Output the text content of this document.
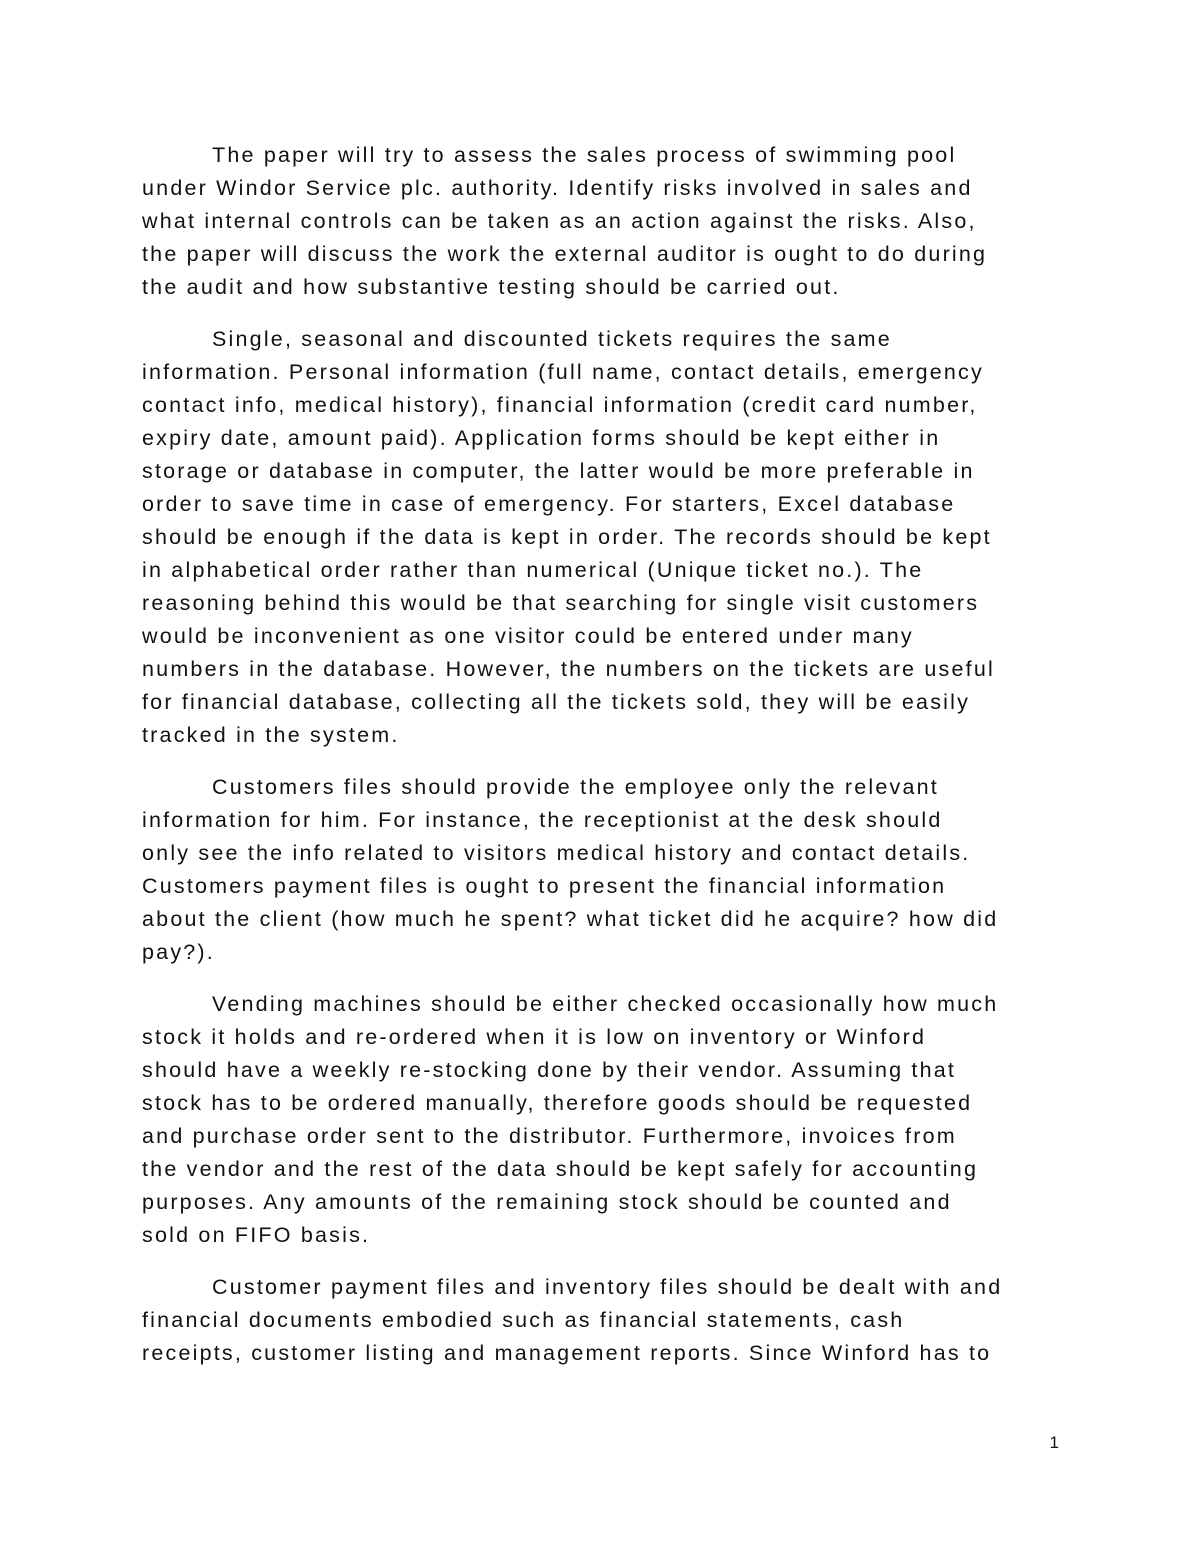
The paper will try to assess the sales process of swimming pool
under Windor Service plc. authority. Identify risks involved in sales and
what internal controls can be taken as an action against the risks. Also,
the paper will discuss the work the external auditor is ought to do during
the audit and how substantive testing should be carried out.
Single, seasonal and discounted tickets requires the same
information. Personal information (full name, contact details, emergency
contact info, medical history), financial information (credit card number,
expiry date, amount paid). Application forms should be kept either in
storage or database in computer, the latter would be more preferable in
order to save time in case of emergency. For starters, Excel database
should be enough if the data is kept in order. The records should be kept
in alphabetical order rather than numerical (Unique ticket no.). The
reasoning behind this would be that searching for single visit customers
would be inconvenient as one visitor could be entered under many
numbers in the database. However, the numbers on the tickets are useful
for financial database, collecting all the tickets sold, they will be easily
tracked in the system.
Customers files should provide the employee only the relevant
information for him. For instance, the receptionist at the desk should
only see the info related to visitors medical history and contact details.
Customers payment files is ought to present the financial information
about the client (how much he spent? what ticket did he acquire? how did
pay?).
Vending machines should be either checked occasionally how much
stock it holds and re-ordered when it is low on inventory or Winford
should have a weekly re-stocking done by their vendor. Assuming that
stock has to be ordered manually, therefore goods should be requested
and purchase order sent to the distributor. Furthermore, invoices from
the vendor and the rest of the data should be kept safely for accounting
purposes. Any amounts of the remaining stock should be counted and
sold on FIFO basis.
Customer payment files and inventory files should be dealt with and
financial documents embodied such as financial statements, cash
receipts, customer listing and management reports. Since Winford has to
1
